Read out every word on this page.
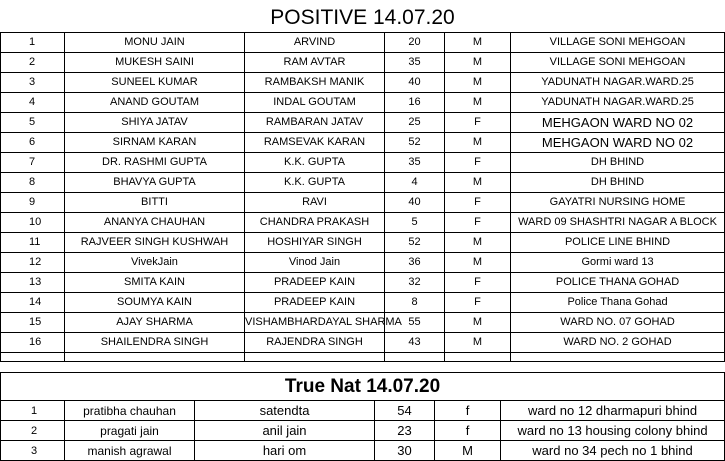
POSITIVE 14.07.20					
1	MONU JAIN	ARVIND	20	M	VILLAGE SONI MEHGOAN
2	MUKESH SAINI	RAM AVTAR	35	M	VILLAGE SONI MEHGOAN
3	SUNEEL KUMAR	RAMBAKSH MANIK	40	M	YADUNATH NAGAR.WARD.25
4	ANAND GOUTAM	INDAL GOUTAM	16	M	YADUNATH NAGAR.WARD.25
5	SHIYA JATAV	RAMBARAN JATAV	25	F	MEHGAON WARD NO 02
6	SIRNAM KARAN	RAMSEVAK KARAN	52	M	MEHGAON WARD NO 02
7	DR. RASHMI GUPTA	K.K. GUPTA	35	F	DH BHIND
8	BHAVYA GUPTA	K.K. GUPTA	4	M	DH BHIND
9	BITTI	RAVI	40	F	GAYATRI NURSING HOME
10	ANANYA CHAUHAN	CHANDRA PRAKASH	5	F	WARD 09 SHASHTRI NAGAR A BLOCK
11	RAJVEER SINGH KUSHWAH	HOSHIYAR SINGH	52	M	POLICE LINE BHIND
12	VivekJain	Vinod Jain	36	M	Gormi ward 13
13	SMITA KAIN	PRADEEP KAIN	32	F	POLICE THANA GOHAD
14	SOUMYA KAIN	PRADEEP KAIN	8	F	Police Thana Gohad
15	AJAY SHARMA	VISHAMBHARDAYAL SHARMA	55	M	WARD NO. 07 GOHAD
16	SHAILENDRA SINGH	RAJENDRA SINGH	43	M	WARD NO. 2 GOHAD

True Nat 14.07.20					
1	pratibha chauhan	satendta	54	f	ward no 12 dharmapuri bhind
2	pragati jain	anil jain	23	f	ward no 13 housing colony bhind
3	manish agrawal	hari om	30	M	ward no 34 pech no 1 bhind
